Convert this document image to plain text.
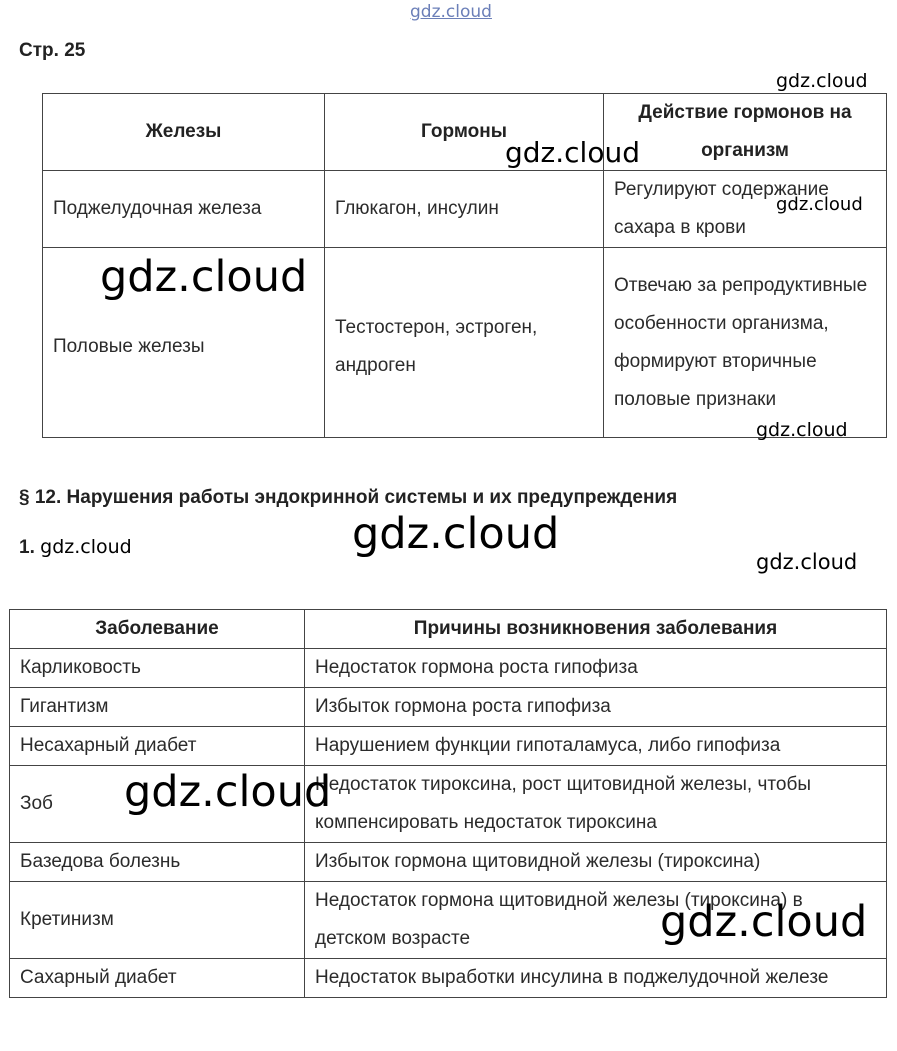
gdz.cloud
Стр. 25
Железы	Гормоны	Действие гормонов на организм
Поджелудочная железа	Глюкагон, инсулин	Регулируют содержание сахара в крови
Половые железы	Тестостерон, эстроген, андроген	Отвечаю за репродуктивные особенности организма, формируют вторичные половые признаки
§ 12. Нарушения работы эндокринной системы и их предупреждения
1. gdz.cloud
Заболевание	Причины возникновения заболевания
Карликовость	Недостаток гормона роста гипофиза
Гигантизм	Избыток гормона роста гипофиза
Несахарный диабет	Нарушением функции гипоталамуса, либо гипофиза
Зоб	Недостаток тироксина, рост щитовидной железы, чтобы компенсировать недостаток тироксина
Базедова болезнь	Избыток гормона щитовидной железы (тироксина)
Кретинизм	Недостаток гормона щитовидной железы (тироксина) в детском возрасте
Сахарный диабет	Недостаток выработки инсулина в поджелудочной железе
gdz.cloud
gdz.cloud
gdz.cloud
gdz.cloud
gdz.cloud
gdz.cloud
gdz.cloud
gdz.cloud
gdz.cloud
